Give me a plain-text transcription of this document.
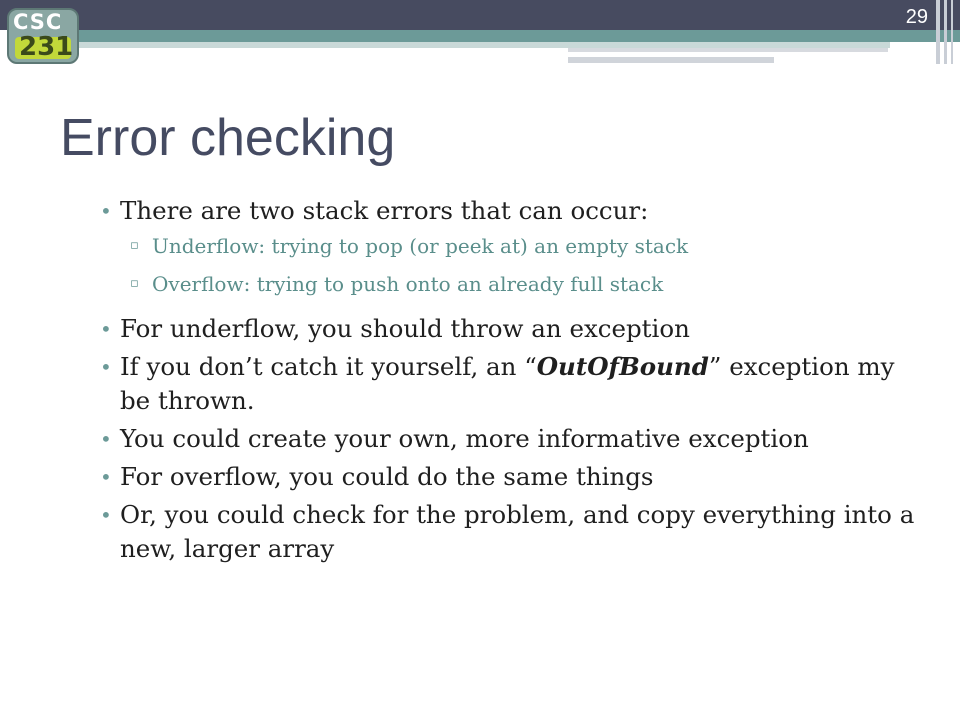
29
CSC
231
Error checking
• There are two stack errors that can occur:
▫ Underflow: trying to pop (or peek at) an empty stack
▫ Overflow: trying to push onto an already full stack
• For underflow, you should throw an exception
• If you don’t catch it yourself, an “OutOfBound” exception my be thrown.
• You could create your own, more informative exception
• For overflow, you could do the same things
• Or, you could check for the problem, and copy everything into a new, larger array
